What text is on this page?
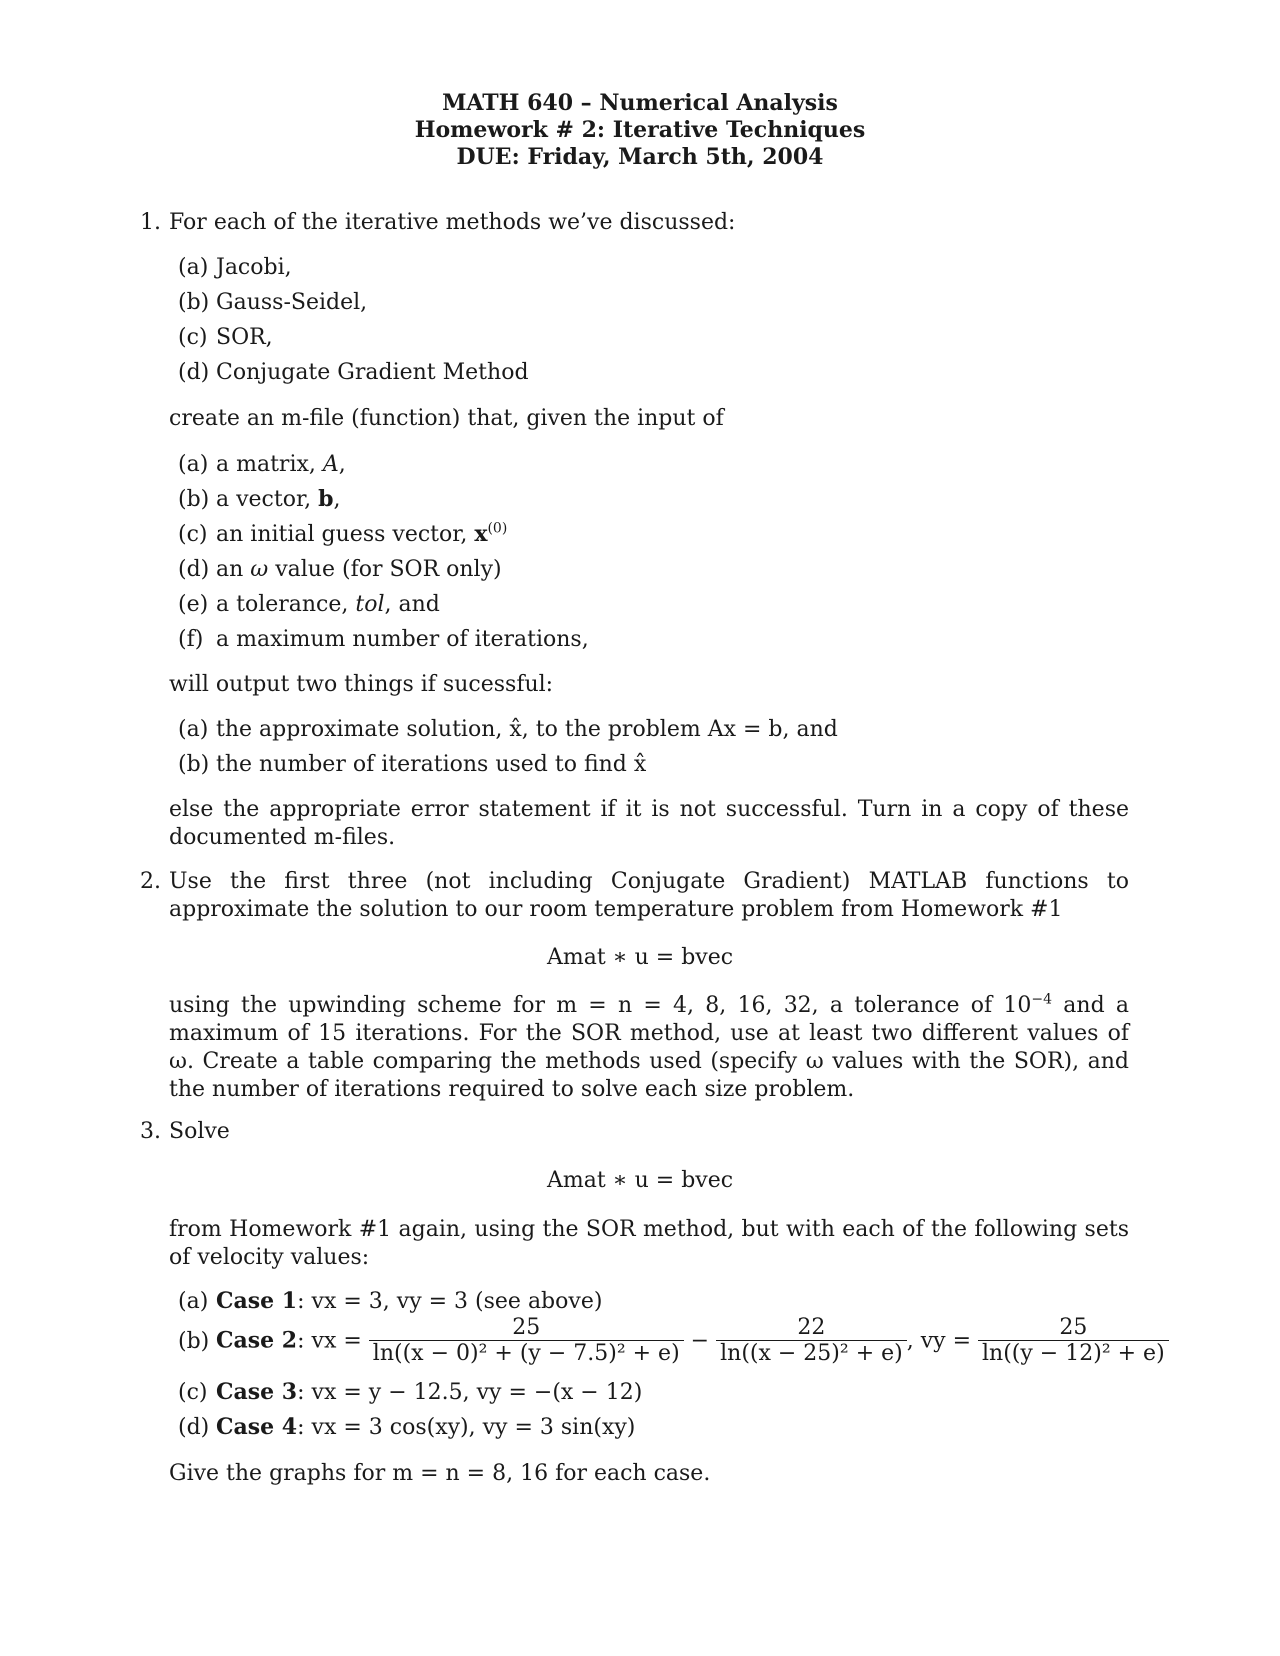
MATH 640 – Numerical Analysis
Homework # 2: Iterative Techniques
DUE: Friday, March 5th, 2004
1. For each of the iterative methods we’ve discussed:
(a) Jacobi,
(b) Gauss-Seidel,
(c) SOR,
(d) Conjugate Gradient Method
create an m-file (function) that, given the input of
(a) a matrix, A,
(b) a vector, b,
(c) an initial guess vector, $x^{(0)}$
(d) an ω value (for SOR only)
(e) a tolerance, tol, and
(f) a maximum number of iterations,
will output two things if sucessful:
(a) the approximate solution, x̂, to the problem Ax = b, and
(b) the number of iterations used to find x̂
else the appropriate error statement if it is not successful. Turn in a copy of these documented m-files.
2. Use the first three (not including Conjugate Gradient) MATLAB functions to approximate the solution to our room temperature problem from Homework #1
Amat ∗ u = bvec
using the upwinding scheme for m = n = 4, 8, 16, 32, a tolerance of $10^{-4}$ and a maximum of 15 iterations. For the SOR method, use at least two different values of ω. Create a table comparing the methods used (specify ω values with the SOR), and the number of iterations required to solve each size problem.
3. Solve
Amat ∗ u = bvec
from Homework #1 again, using the SOR method, but with each of the following sets of velocity values:
(a) Case 1: vx = 3, vy = 3 (see above)
(b) Case 2: vx = $\frac{25}{\text{ln((x − 0)² + (y − 7.5)² + e)}} - \frac{22}{\text{ln((x − 25)² + e)}}$ , vy = $\frac{25}{\text{ln((y − 12)² + e)}}$
(c) Case 3: vx = y − 12.5, vy = −(x − 12)
(d) Case 4: vx = 3 cos(xy), vy = 3 sin(xy)
Give the graphs for m = n = 8, 16 for each case.
